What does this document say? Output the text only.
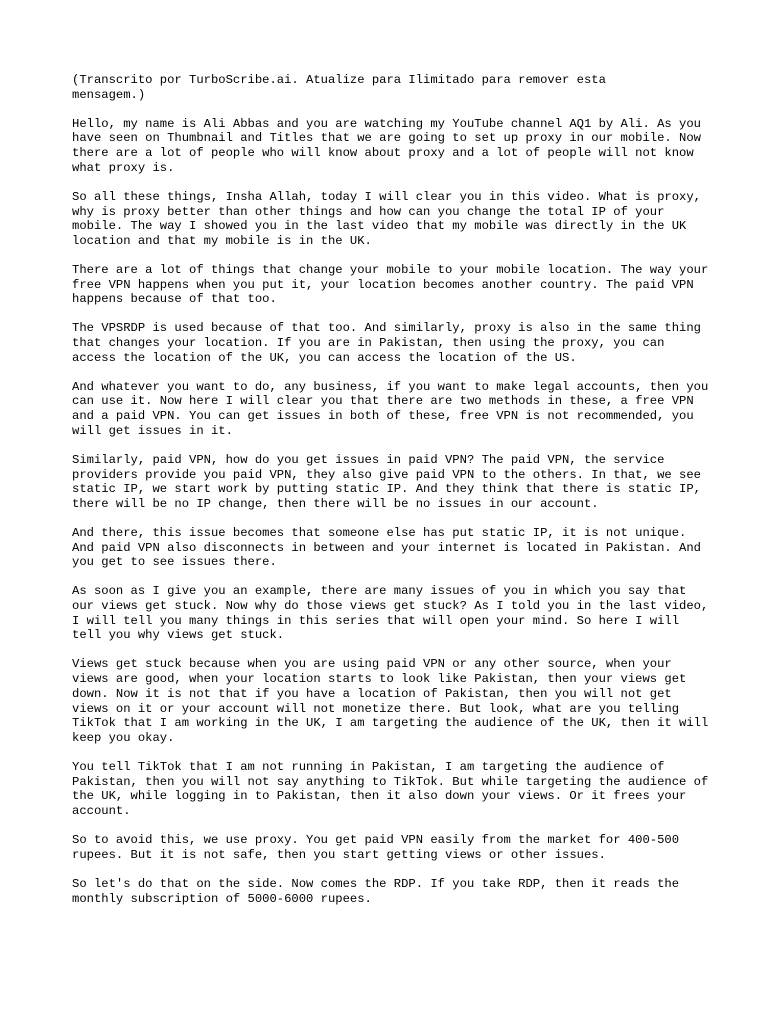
(Transcrito por TurboScribe.ai. Atualize para Ilimitado para remover esta
mensagem.)

Hello, my name is Ali Abbas and you are watching my YouTube channel AQ1 by Ali. As you have seen on Thumbnail and Titles that we are going to set up proxy in our mobile. Now there are a lot of people who will know about proxy and a lot of people will not know what proxy is.

So all these things, Insha Allah, today I will clear you in this video. What is proxy, why is proxy better than other things and how can you change the total IP of your mobile. The way I showed you in the last video that my mobile was directly in the UK location and that my mobile is in the UK.

There are a lot of things that change your mobile to your mobile location. The way your free VPN happens when you put it, your location becomes another country. The paid VPN happens because of that too.

The VPSRDP is used because of that too. And similarly, proxy is also in the same thing that changes your location. If you are in Pakistan, then using the proxy, you can access the location of the UK, you can access the location of the US.

And whatever you want to do, any business, if you want to make legal accounts, then you can use it. Now here I will clear you that there are two methods in these, a free VPN and a paid VPN. You can get issues in both of these, free VPN is not recommended, you will get issues in it.

Similarly, paid VPN, how do you get issues in paid VPN? The paid VPN, the service providers provide you paid VPN, they also give paid VPN to the others. In that, we see static IP, we start work by putting static IP. And they think that there is static IP, there will be no IP change, then there will be no issues in our account.

And there, this issue becomes that someone else has put static IP, it is not unique. And paid VPN also disconnects in between and your internet is located in Pakistan. And you get to see issues there.

As soon as I give you an example, there are many issues of you in which you say that our views get stuck. Now why do those views get stuck? As I told you in the last video, I will tell you many things in this series that will open your mind. So here I will tell you why views get stuck.

Views get stuck because when you are using paid VPN or any other source, when your views are good, when your location starts to look like Pakistan, then your views get down. Now it is not that if you have a location of Pakistan, then you will not get views on it or your account will not monetize there. But look, what are you telling TikTok that I am working in the UK, I am targeting the audience of the UK, then it will keep you okay.

You tell TikTok that I am not running in Pakistan, I am targeting the audience of Pakistan, then you will not say anything to TikTok. But while targeting the audience of the UK, while logging in to Pakistan, then it also down your views. Or it frees your account.

So to avoid this, we use proxy. You get paid VPN easily from the market for 400-500 rupees. But it is not safe, then you start getting views or other issues.

So let's do that on the side. Now comes the RDP. If you take RDP, then it reads the monthly subscription of 5000-6000 rupees.
